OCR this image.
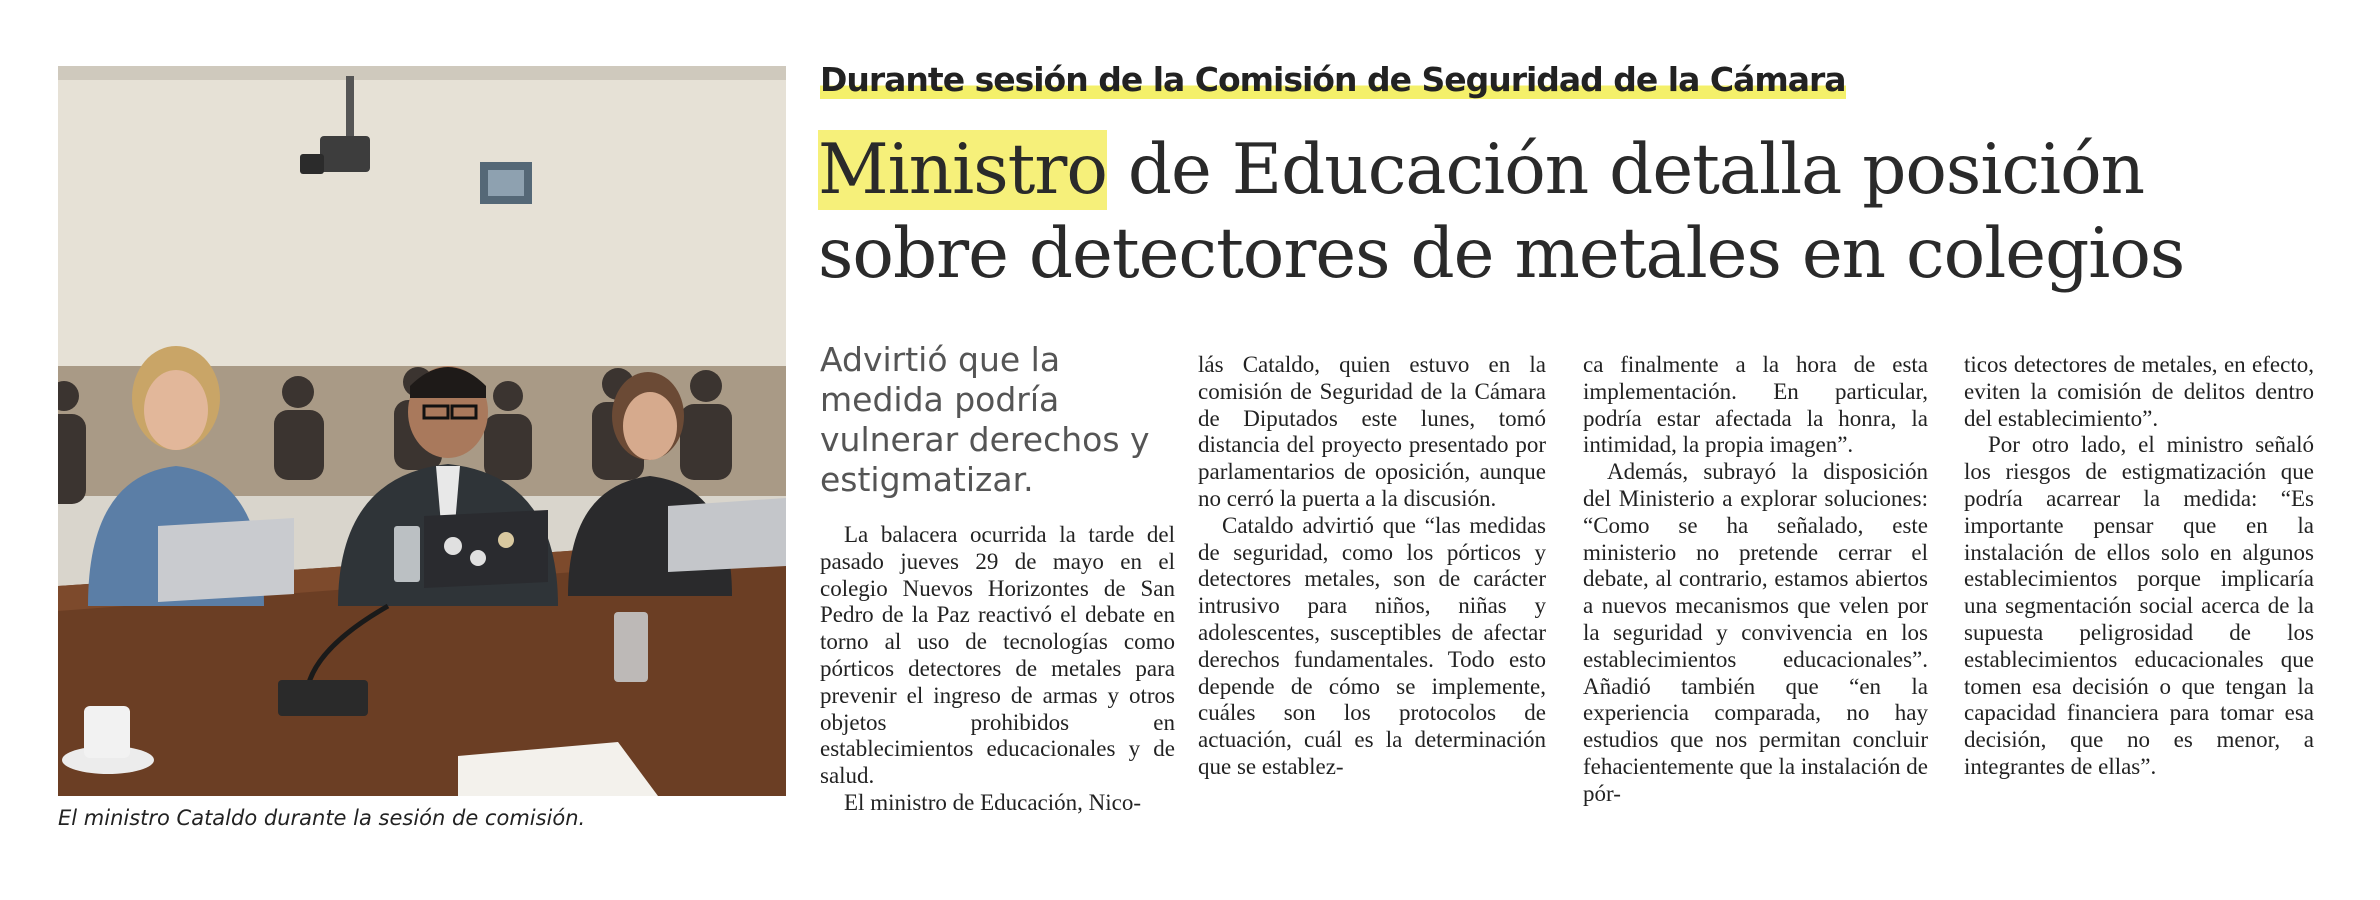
El ministro Cataldo durante la sesión de comisión.
Durante sesión de la Comisión de Seguridad de la Cámara
Ministro de Educación detalla posición
sobre detectores de metales en colegios
Advirtió que la medida podría vulnerar derechos y estigmatizar.

La balacera ocurrida la tarde del pasado jueves 29 de mayo en el colegio Nuevos Horizontes de San Pedro de la Paz reactivó el debate en torno al uso de tecnologías como pórticos detectores de metales para prevenir el ingreso de armas y otros objetos prohibidos en establecimientos educacionales y de salud.

El ministro de Educación, Nico-

lás Cataldo, quien estuvo en la comisión de Seguridad de la Cámara de Diputados este lunes, tomó distancia del proyecto presentado por parlamentarios de oposición, aunque no cerró la puerta a la discusión.

Cataldo advirtió que “las medidas de seguridad, como los pórticos y detectores metales, son de carácter intrusivo para niños, niñas y adolescentes, susceptibles de afectar derechos fundamentales. Todo esto depende de cómo se implemente, cuáles son los protocolos de actuación, cuál es la determinación que se establez-

ca finalmente a la hora de esta implementación. En particular, podría estar afectada la honra, la intimidad, la propia imagen”.

Además, subrayó la disposición del Ministerio a explorar soluciones: “Como se ha señalado, este ministerio no pretende cerrar el debate, al contrario, estamos abiertos a nuevos mecanismos que velen por la seguridad y convivencia en los establecimientos educacionales”. Añadió también que “en la experiencia comparada, no hay estudios que nos permitan concluir fehacientemente que la instalación de pór-

ticos detectores de metales, en efecto, eviten la comisión de delitos dentro del establecimiento”.

Por otro lado, el ministro señaló los riesgos de estigmatización que podría acarrear la medida: “Es importante pensar que en la instalación de ellos solo en algunos establecimientos porque implicaría una segmentación social acerca de la supuesta peligrosidad de los establecimientos educacionales que tomen esa decisión o que tengan la capacidad financiera para tomar esa decisión, que no es menor, a integrantes de ellas”.
